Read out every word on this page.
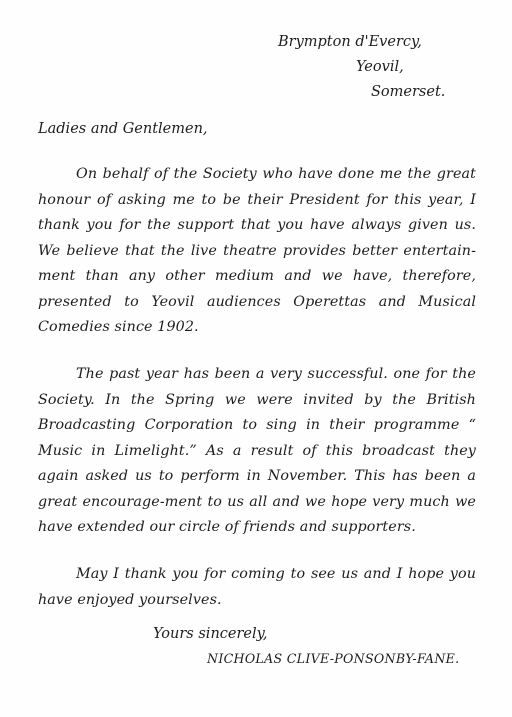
Brympton d'Evercy,
Yeovil,
Somerset.
Ladies and Gentlemen,

On behalf of the Society who have done me the great honour of asking me to be their President for this year, I thank you for the support that you have always given us. We believe that the live theatre provides better entertain-ment than any other medium and we have, therefore, presented to Yeovil audiences Operettas and Musical Comedies since 1902.

The past year has been a very successful. one for the Society. In the Spring we were invited by the British Broadcasting Corporation to sing in their programme “ Music in Limelight.” As a result of this broadcast they again asked us to perform in November. This has been a great encourage-ment to us all and we hope very much we have extended our circle of friends and supporters.

May I thank you for coming to see us and I hope you have enjoyed yourselves.

Yours sincerely,
NICHOLAS CLIVE-PONSONBY-FANE.
